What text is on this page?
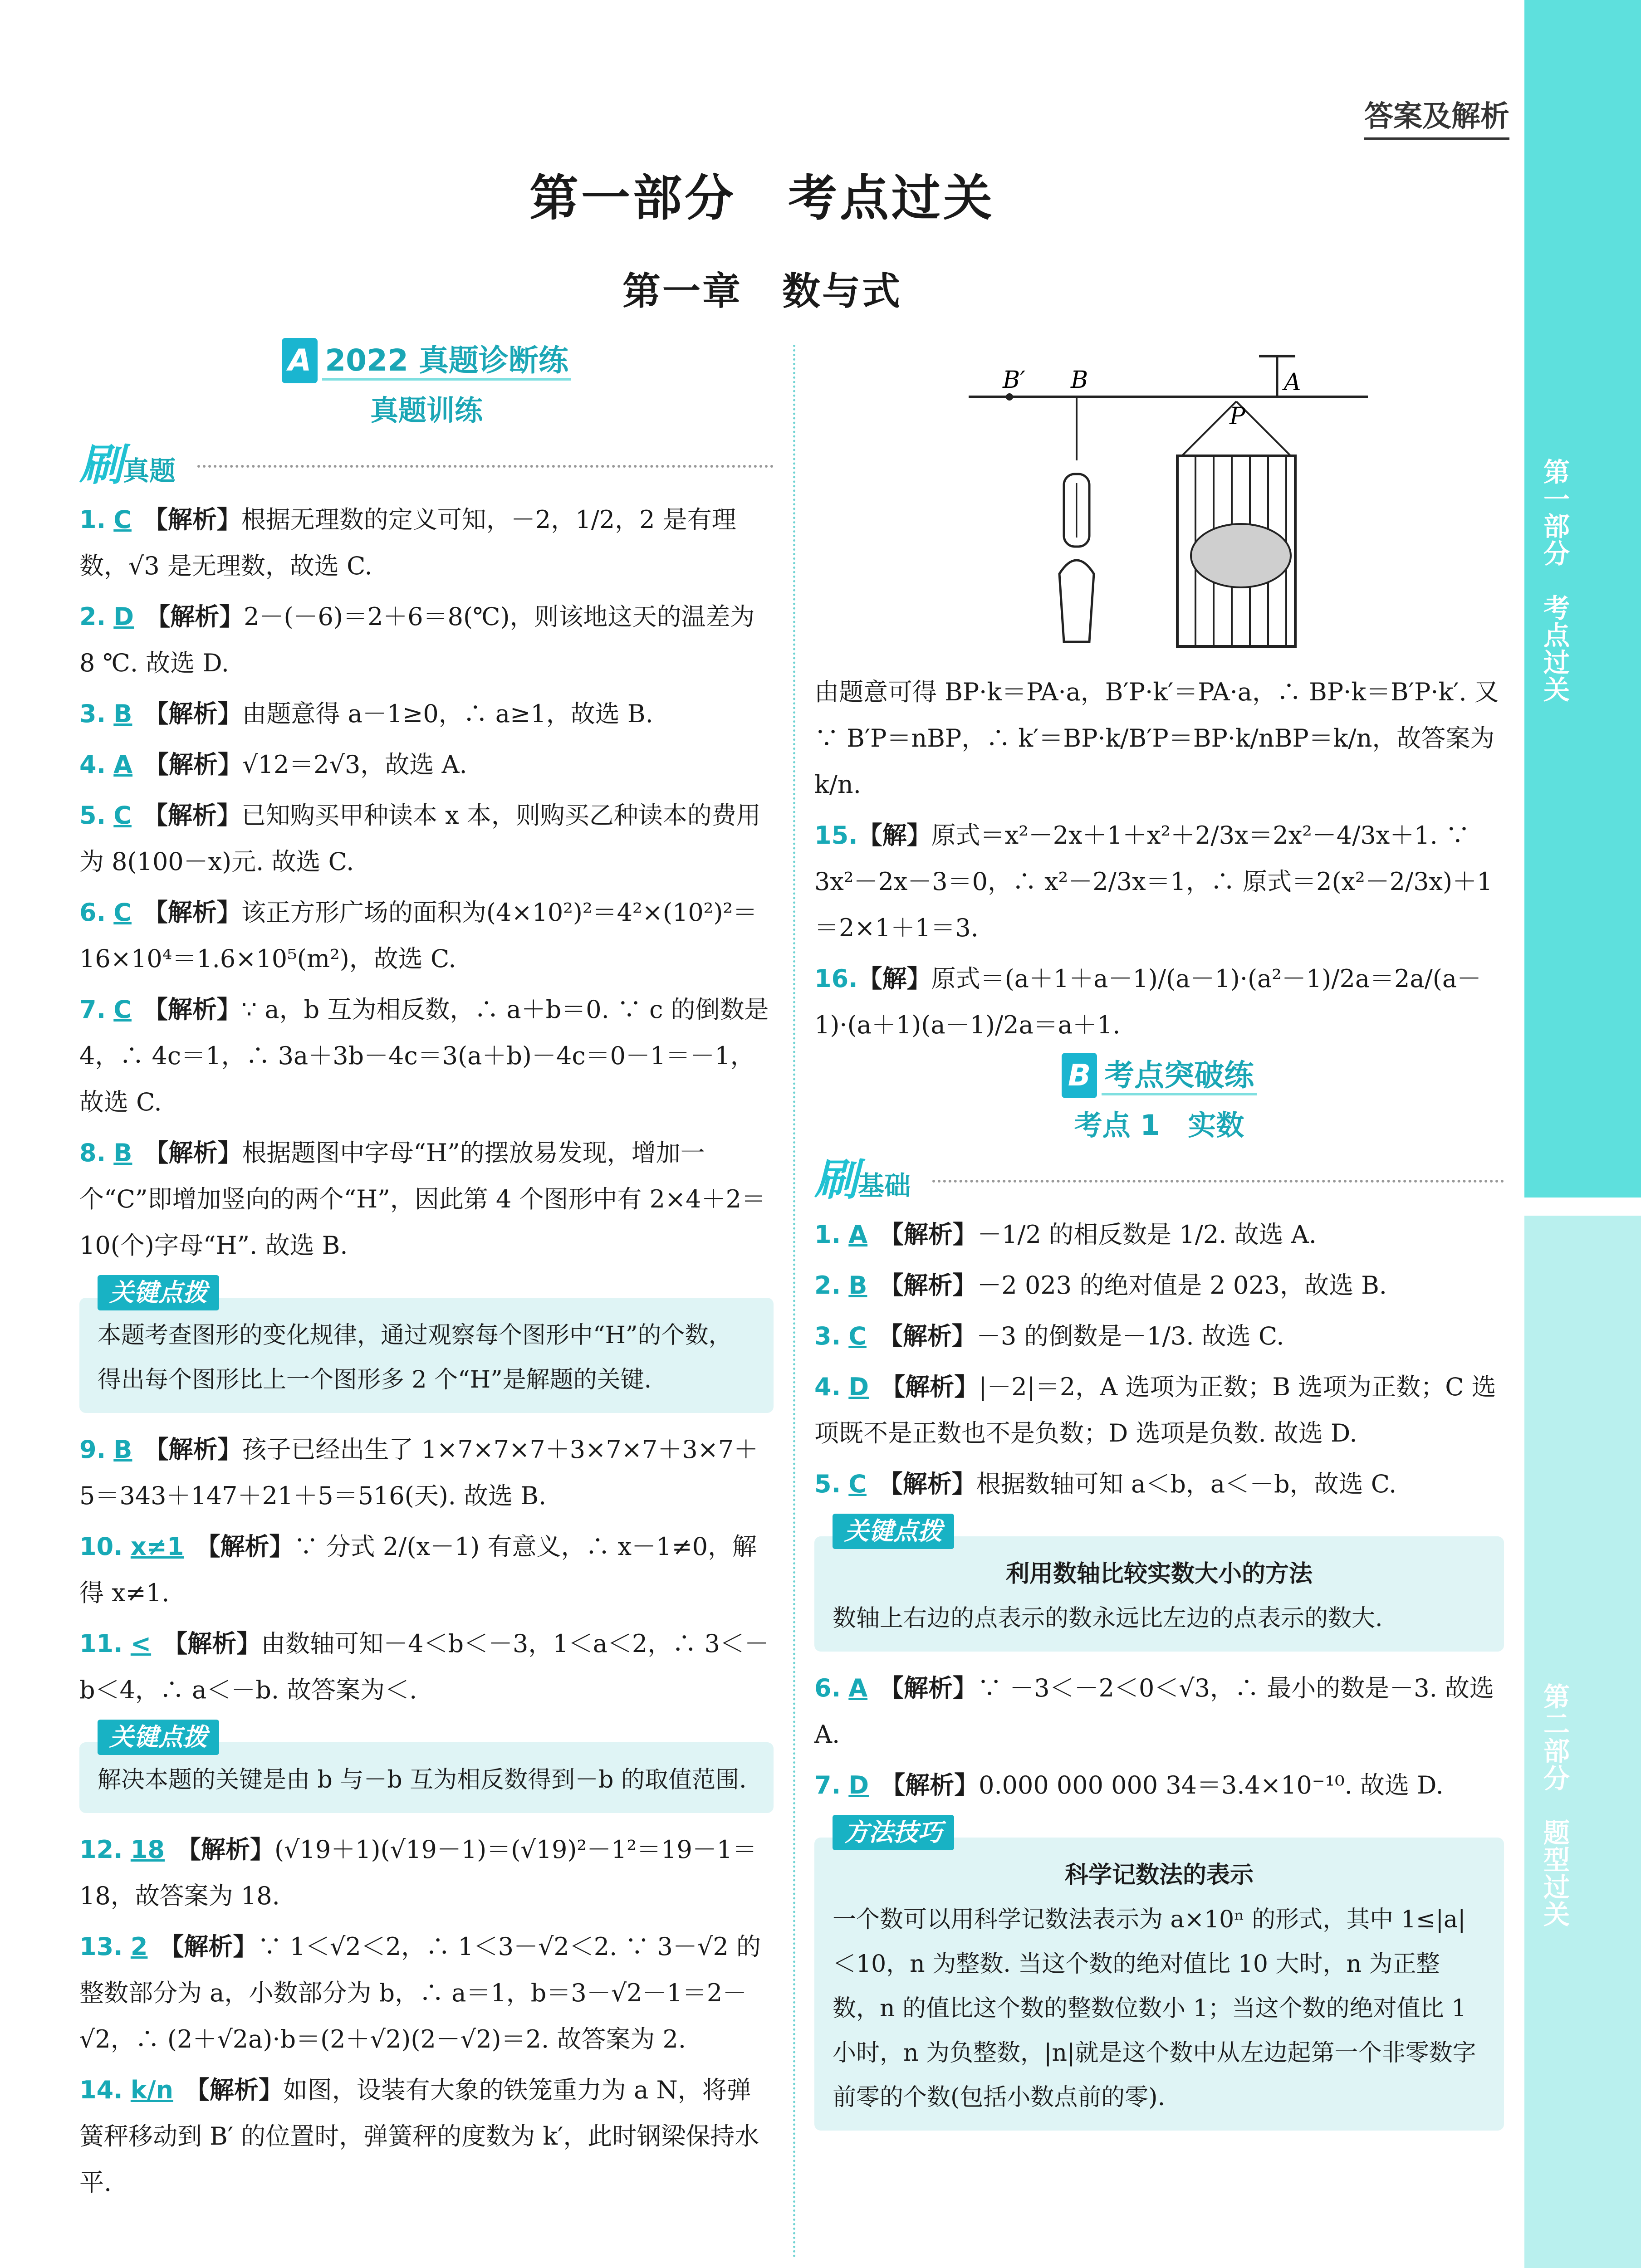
第一部分　考点过关
第二部分　题型过关
答案及解析
第一部分　考点过关
第一章　数与式
A 2022 真题诊断练
真题训练
刷真题
1. C 【解析】根据无理数的定义可知，－2，1/2，2 是有理数，√3 是无理数，故选 C.
2. D 【解析】2－(－6)＝2＋6＝8(℃)，则该地这天的温差为 8 ℃. 故选 D.
3. B 【解析】由题意得 a－1≥0，∴ a≥1，故选 B.
4. A 【解析】√12＝2√3，故选 A.
5. C 【解析】已知购买甲种读本 x 本，则购买乙种读本的费用为 8(100－x)元. 故选 C.
6. C 【解析】该正方形广场的面积为(4×10²)²＝4²×(10²)²＝16×10⁴＝1.6×10⁵(m²)，故选 C.
7. C 【解析】∵ a，b 互为相反数，∴ a＋b＝0. ∵ c 的倒数是 4，∴ 4c＝1，∴ 3a＋3b－4c＝3(a＋b)－4c＝0－1＝－1，故选 C.
8. B 【解析】根据题图中字母“H”的摆放易发现，增加一个“C”即增加竖向的两个“H”，因此第 4 个图形中有 2×4＋2＝10(个)字母“H”. 故选 B.
关键点拨
本题考查图形的变化规律，通过观察每个图形中“H”的个数，得出每个图形比上一个图形多 2 个“H”是解题的关键.
9. B 【解析】孩子已经出生了 1×7×7×7＋3×7×7＋3×7＋5＝343＋147＋21＋5＝516(天). 故选 B.
10. x≠1 【解析】∵ 分式 2/(x－1) 有意义，∴ x－1≠0，解得 x≠1.
11. < 【解析】由数轴可知－4＜b＜－3，1＜a＜2，∴ 3＜－b＜4，∴ a＜－b. 故答案为＜.
关键点拨
解决本题的关键是由 b 与－b 互为相反数得到－b 的取值范围.
12. 18 【解析】(√19＋1)(√19－1)＝(√19)²－1²＝19－1＝18，故答案为 18.
13. 2 【解析】∵ 1＜√2＜2，∴ 1＜3－√2＜2. ∵ 3－√2 的整数部分为 a，小数部分为 b，∴ a＝1，b＝3－√2－1＝2－√2，∴ (2＋√2a)·b＝(2＋√2)(2－√2)＝2. 故答案为 2.
14. k/n 【解析】如图，设装有大象的铁笼重力为 a N，将弹簧秤移动到 B′ 的位置时，弹簧秤的度数为 k′，此时钢梁保持水平.
B′ B	A
P
由题意可得 BP·k＝PA·a，B′P·k′＝PA·a，∴ BP·k＝B′P·k′. 又∵ B′P＝nBP，∴ k′＝BP·k/B′P＝BP·k/nBP＝k/n，故答案为 k/n.
15.【解】原式＝x²－2x＋1＋x²＋2/3x＝2x²－4/3x＋1. ∵ 3x²－2x－3＝0，∴ x²－2/3x＝1，∴ 原式＝2(x²－2/3x)＋1＝2×1＋1＝3.
16.【解】原式＝(a＋1＋a－1)/(a－1)·(a²－1)/2a＝2a/(a－1)·(a＋1)(a－1)/2a＝a＋1.
B 考点突破练
考点 1　实数
刷基础
1. A 【解析】－1/2 的相反数是 1/2. 故选 A.
2. B 【解析】－2 023 的绝对值是 2 023，故选 B.
3. C 【解析】－3 的倒数是－1/3. 故选 C.
4. D 【解析】|－2|＝2，A 选项为正数；B 选项为正数；C 选项既不是正数也不是负数；D 选项是负数. 故选 D.
5. C 【解析】根据数轴可知 a＜b，a＜－b，故选 C.
关键点拨
利用数轴比较实数大小的方法
数轴上右边的点表示的数永远比左边的点表示的数大.
6. A 【解析】∵ －3＜－2＜0＜√3，∴ 最小的数是－3. 故选 A.
7. D 【解析】0.000 000 000 34＝3.4×10⁻¹⁰. 故选 D.
方法技巧
科学记数法的表示
一个数可以用科学记数法表示为 a×10ⁿ 的形式，其中 1≤|a|＜10，n 为整数. 当这个数的绝对值比 10 大时，n 为正整数，n 的值比这个数的整数位数小 1；当这个数的绝对值比 1 小时，n 为负整数，|n|就是这个数中从左边起第一个非零数字前零的个数(包括小数点前的零).
